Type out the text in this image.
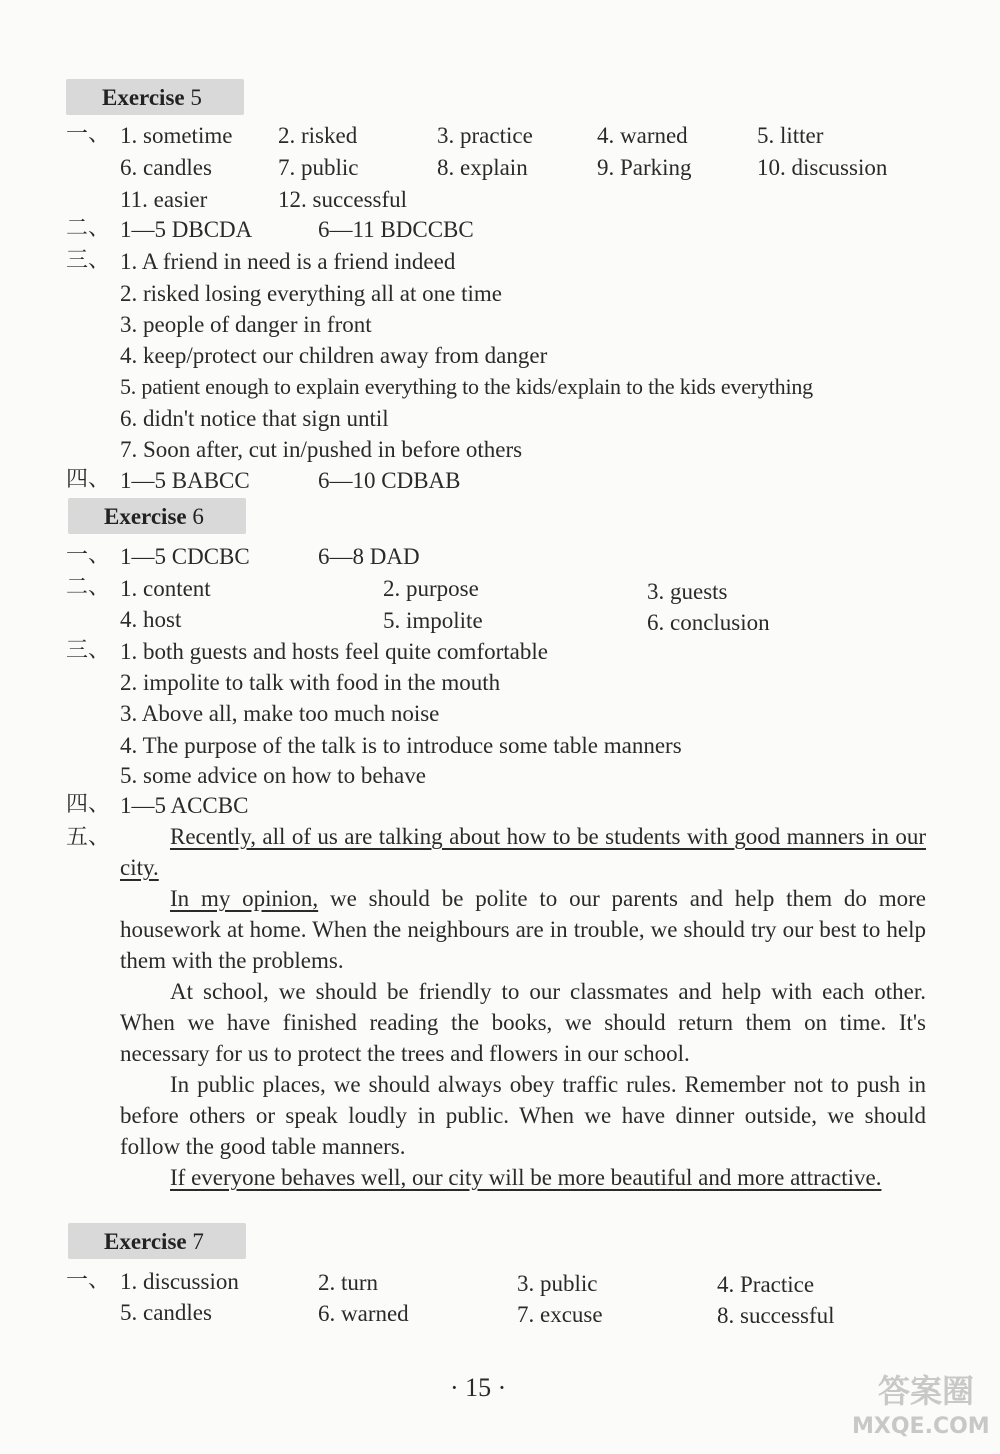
Exercise 5
一、 1. sometime 2. risked	3. practice	4. warned	5. litter
6. candles	7. public	8. explain	9. Parking	10. discussion
11. easier	12. successful
二、 1—5 DBCDA	6—11 BDCCBC
三、 1. A friend in need is a friend indeed
2. risked losing everything all at one time
3. people of danger in front
4. keep/protect our children away from danger
5. patient enough to explain everything to the kids/explain to the kids everything
6. didn't notice that sign until
7. Soon after, cut in/pushed in before others
四、 1—5 BABCC	6—10 CDBAB
Exercise 6
一、 1—5 CDCBC	6—8 DAD
二、 1. content	2. purpose	3. guests
4. host	5. impolite	6. conclusion
三、 1. both guests and hosts feel quite comfortable
2. impolite to talk with food in the mouth
3. Above all, make too much noise
4. The purpose of the talk is to introduce some table manners
5. some advice on how to behave
四、 1—5 ACCBC
五、	Recently, all of us are talking about how to be students with good manners in our city.
In my opinion, we should be polite to our parents and help them do more housework at home. When the neighbours are in trouble, we should try our best to help them with the problems.
At school, we should be friendly to our classmates and help with each other. When we have finished reading the books, we should return them on time. It's necessary for us to protect the trees and flowers in our school.
In public places, we should always obey traffic rules. Remember not to push in before others or speak loudly in public. When we have dinner outside, we should follow the good table manners.
If everyone behaves well, our city will be more beautiful and more attractive.
Exercise 7
一、 1. discussion	2. turn	3. public	4. Practice
5. candles	6. warned	7. excuse	8. successful
· 15 ·	答案圈
MXQE.COM
